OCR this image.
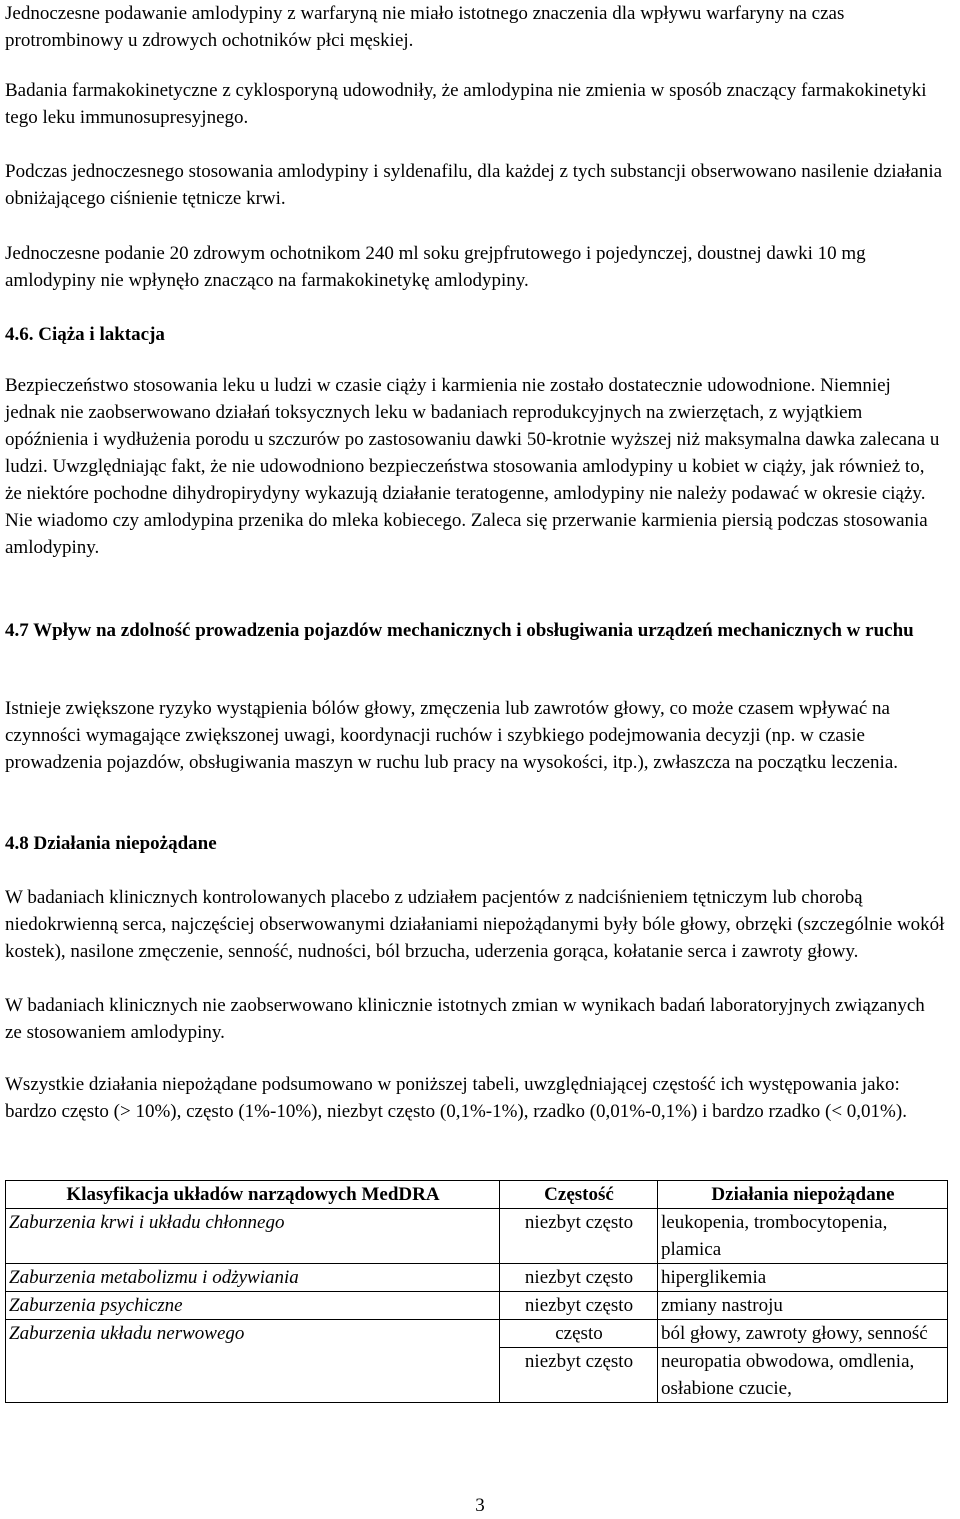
Jednoczesne podawanie amlodypiny z warfaryną nie miało istotnego znaczenia dla wpływu warfaryny na czas protrombinowy u zdrowych ochotników płci męskiej.

Badania farmakokinetyczne z cyklosporyną udowodniły, że amlodypina nie zmienia w sposób znaczący farmakokinetyki tego leku immunosupresyjnego.

Podczas jednoczesnego stosowania amlodypiny i syldenafilu, dla każdej z tych substancji obserwowano nasilenie działania obniżającego ciśnienie tętnicze krwi.

Jednoczesne podanie 20 zdrowym ochotnikom 240 ml soku grejpfrutowego i pojedynczej, doustnej dawki 10 mg amlodypiny nie wpłynęło znacząco na farmakokinetykę amlodypiny.

4.6. Ciąża i laktacja

Bezpieczeństwo stosowania leku u ludzi w czasie ciąży i karmienia nie zostało dostatecznie udowodnione. Niemniej jednak nie zaobserwowano działań toksycznych leku w badaniach reprodukcyjnych na zwierzętach, z wyjątkiem opóźnienia i wydłużenia porodu u szczurów po zastosowaniu dawki 50-krotnie wyższej niż maksymalna dawka zalecana u ludzi. Uwzględniając fakt, że nie udowodniono bezpieczeństwa stosowania amlodypiny u kobiet w ciąży, jak również to, że niektóre pochodne dihydropirydyny wykazują działanie teratogenne, amlodypiny nie należy podawać w okresie ciąży. Nie wiadomo czy amlodypina przenika do mleka kobiecego. Zaleca się przerwanie karmienia piersią podczas stosowania amlodypiny.

4.7 Wpływ na zdolność prowadzenia pojazdów mechanicznych i obsługiwania urządzeń mechanicznych w ruchu

Istnieje zwiększone ryzyko wystąpienia bólów głowy, zmęczenia lub zawrotów głowy, co może czasem wpływać na czynności wymagające zwiększonej uwagi, koordynacji ruchów i szybkiego podejmowania decyzji (np. w czasie prowadzenia pojazdów, obsługiwania maszyn w ruchu lub pracy na wysokości, itp.), zwłaszcza na początku leczenia.

4.8 Działania niepożądane

W badaniach klinicznych kontrolowanych placebo z udziałem pacjentów z nadciśnieniem tętniczym lub chorobą niedokrwienną serca, najczęściej obserwowanymi działaniami niepożądanymi były bóle głowy, obrzęki (szczególnie wokół kostek), nasilone zmęczenie, senność, nudności, ból brzucha, uderzenia gorąca, kołatanie serca i zawroty głowy.

W badaniach klinicznych nie zaobserwowano klinicznie istotnych zmian w wynikach badań laboratoryjnych związanych ze stosowaniem amlodypiny.

Wszystkie działania niepożądane podsumowano w poniższej tabeli, uwzględniającej częstość ich występowania jako: bardzo często (> 10%), często (1%-10%), niezbyt często (0,1%-1%), rzadko (0,01%-0,1%) i bardzo rzadko (< 0,01%).

Klasyfikacja układów narządowych MedDRA	Częstość	Działania niepożądane
Zaburzenia krwi i układu chłonnego	niezbyt często	leukopenia, trombocytopenia, plamica
Zaburzenia metabolizmu i odżywiania	niezbyt często	hiperglikemia
Zaburzenia psychiczne	niezbyt często	zmiany nastroju
Zaburzenia układu nerwowego	często	ból głowy, zawroty głowy, senność
	niezbyt często	neuropatia obwodowa, omdlenia, osłabione czucie,
3
